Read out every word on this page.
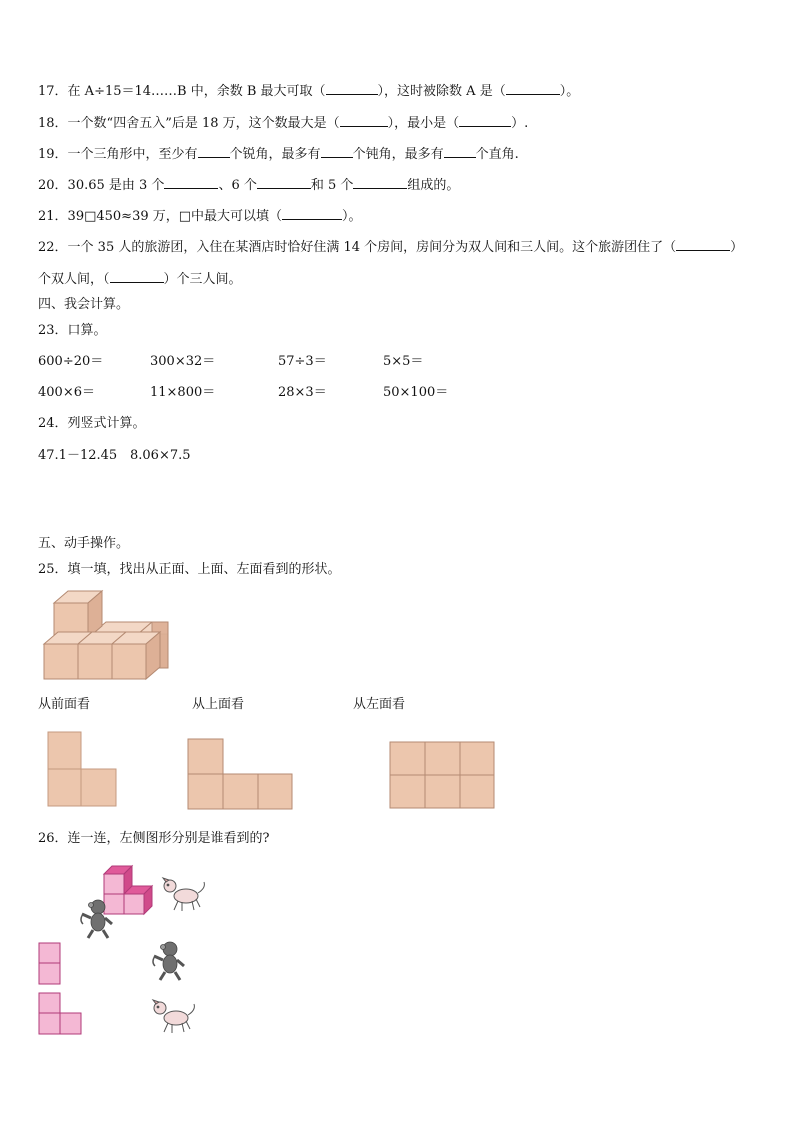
17．在 A÷15＝14……B 中，余数 B 最大可取（	），这时被除数 A 是（	）。
18．一个数“四舍五入”后是 18 万，这个数最大是（	），最小是（	）.
19．一个三角形中，至少有 个锐角，最多有 个钝角，最多有 个直角.
20．30.65 是由 3 个	、6 个	和 5 个	组成的。
21．39□450≈39 万，□中最大可以填（	）。
22．一个 35 人的旅游团，入住在某酒店时恰好住满 14 个房间，房间分为双人间和三人间。这个旅游团住了（	）
个双人间，（	）个三人间。
四、我会计算。
23．口算。
600÷20＝	300×32＝	57÷3＝	5×5＝
400×6＝	11×800＝	28×3＝	50×100＝
24．列竖式计算。
47.1－12.45 8.06×7.5
五、动手操作。
25．填一填，找出从正面、上面、左面看到的形状。
从前面看	从上面看	从左面看
26．连一连，左侧图形分别是谁看到的?
